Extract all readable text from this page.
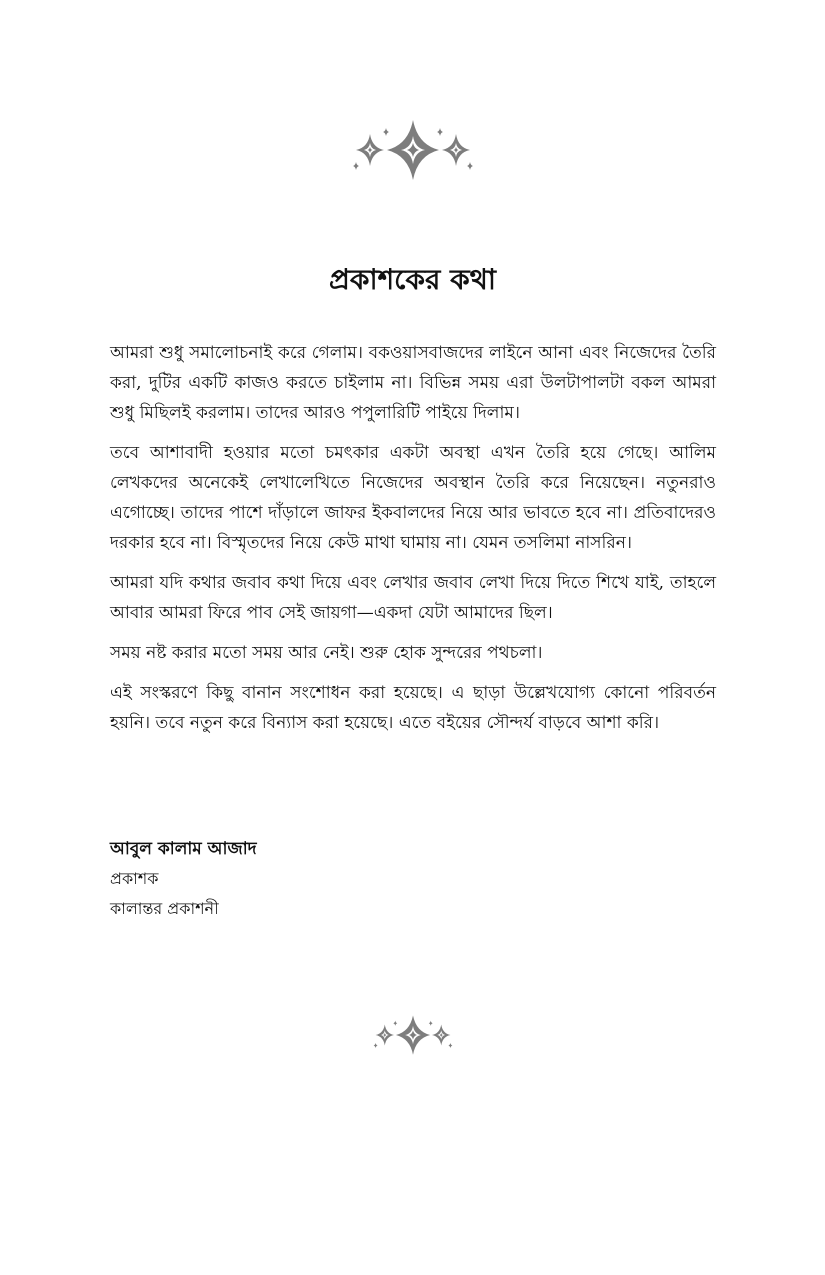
প্রকাশকের কথা

আমরা শুধু সমালোচনাই করে গেলাম। বকওয়াসবাজদের লাইনে আনা এবং নিজেদের তৈরি করা, দুটির একটি কাজও করতে চাইলাম না। বিভিন্ন সময় এরা উলটাপালটা বকল আমরা শুধু মিছিলই করলাম। তাদের আরও পপুলারিটি পাইয়ে দিলাম।

তবে আশাবাদী হওয়ার মতো চমৎকার একটা অবস্থা এখন তৈরি হয়ে গেছে। আলিম লেখকদের অনেকেই লেখালেখিতে নিজেদের অবস্থান তৈরি করে নিয়েছেন। নতুনরাও এগোচ্ছে। তাদের পাশে দাঁড়ালে জাফর ইকবালদের নিয়ে আর ভাবতে হবে না। প্রতিবাদেরও দরকার হবে না। বিস্মৃতদের নিয়ে কেউ মাথা ঘামায় না। যেমন তসলিমা নাসরিন।

আমরা যদি কথার জবাব কথা দিয়ে এবং লেখার জবাব লেখা দিয়ে দিতে শিখে যাই, তাহলে আবার আমরা ফিরে পাব সেই জায়গা—একদা যেটা আমাদের ছিল।

সময় নষ্ট করার মতো সময় আর নেই। শুরু হোক সুন্দরের পথচলা।

এই সংস্করণে কিছু বানান সংশোধন করা হয়েছে। এ ছাড়া উল্লেখযোগ্য কোনো পরিবর্তন হয়নি। তবে নতুন করে বিন্যাস করা হয়েছে। এতে বইয়ের সৌন্দর্য বাড়বে আশা করি।

আবুল কালাম আজাদ
প্রকাশক
কালান্তর প্রকাশনী
